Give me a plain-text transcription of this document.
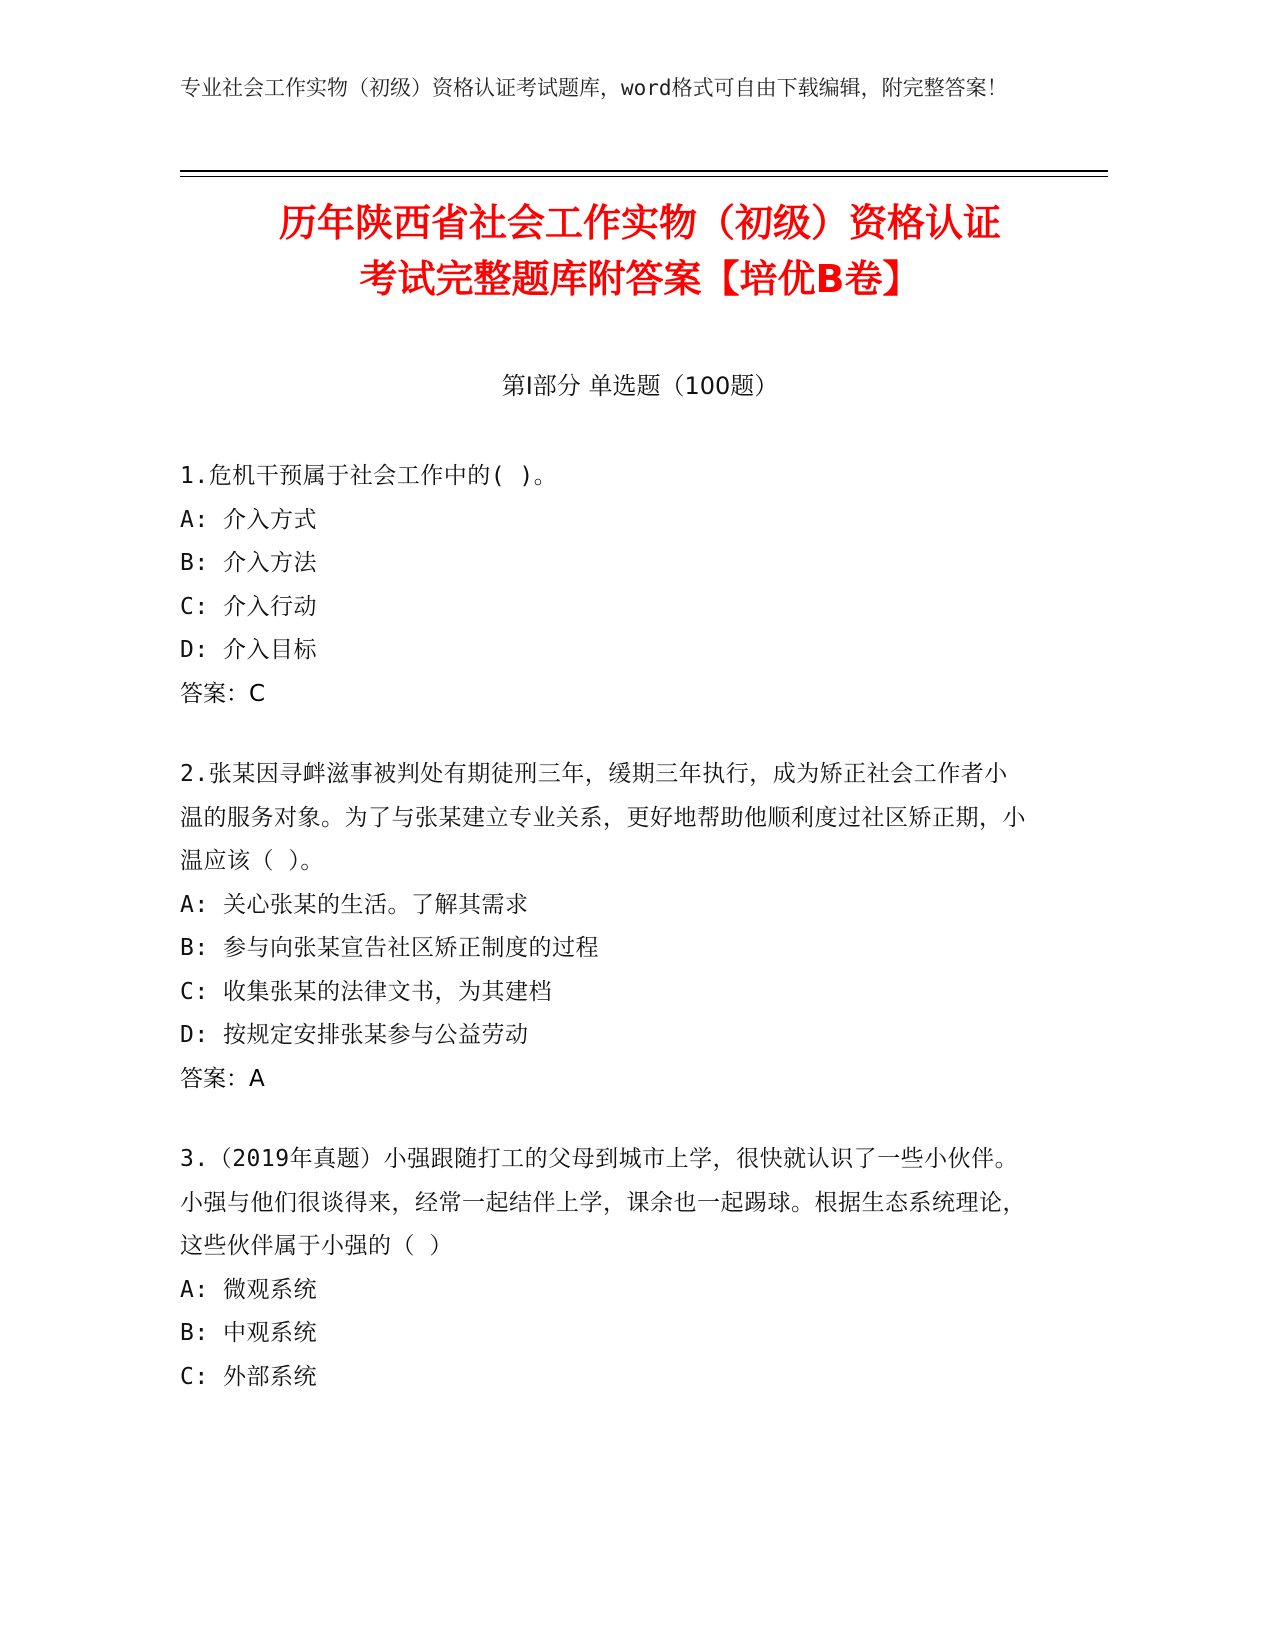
专业社会工作实物（初级）资格认证考试题库，word格式可自由下载编辑，附完整答案！
历年陕西省社会工作实物（初级）资格认证
考试完整题库附答案【培优B卷】
第I部分 单选题（100题）
1.危机干预属于社会工作中的( )。
A: 介入方式
B: 介入方法
C: 介入行动
D: 介入目标
答案：C
2.张某因寻衅滋事被判处有期徒刑三年，缓期三年执行，成为矫正社会工作者小温的服务对象。为了与张某建立专业关系，更好地帮助他顺利度过社区矫正期，小温应该（ ）。
A: 关心张某的生活。了解其需求
B: 参与向张某宣告社区矫正制度的过程
C: 收集张某的法律文书，为其建档
D: 按规定安排张某参与公益劳动
答案：A
3.（2019年真题）小强跟随打工的父母到城市上学，很快就认识了一些小伙伴。小强与他们很谈得来，经常一起结伴上学，课余也一起踢球。根据生态系统理论，这些伙伴属于小强的（ ）
A: 微观系统
B: 中观系统
C: 外部系统
